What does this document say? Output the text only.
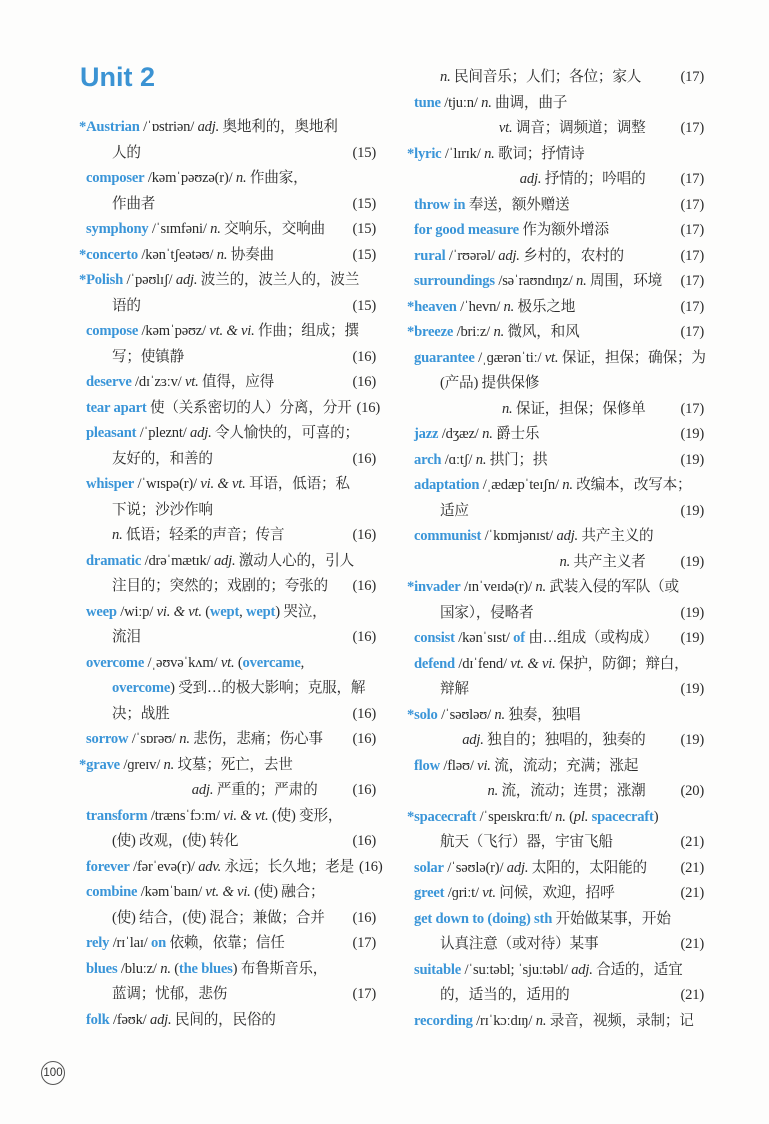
Unit 2
*Austrian /ˈɒstriən/ adj. 奥地利的，奥地利
人的	(15)
composer /kəmˈpəʊzə(r)/ n. 作曲家，
作曲者	(15)
symphony /ˈsɪmfəni/ n. 交响乐，交响曲	(15)
*concerto /kənˈtʃeətəʊ/ n. 协奏曲	(15)
*Polish /ˈpəʊlɪʃ/ adj. 波兰的，波兰人的，波兰
语的	(15)
compose /kəmˈpəʊz/ vt. & vi. 作曲；组成；撰
写；使镇静	(16)
deserve /dɪˈzɜːv/ vt. 值得，应得	(16)
tear apart 使（关系密切的人）分离，分开 (16)
pleasant /ˈpleznt/ adj. 令人愉快的，可喜的；
友好的，和善的	(16)
whisper /ˈwɪspə(r)/ vi. & vt. 耳语，低语；私
下说；沙沙作响
n. 低语；轻柔的声音；传言	(16)
dramatic /drəˈmætɪk/ adj. 激动人心的，引人
注目的；突然的；戏剧的；夸张的	(16)
weep /wiːp/ vi. & vt. (wept, wept) 哭泣，
流泪	(16)
overcome /ˌəʊvəˈkʌm/ vt. (overcame,
overcome) 受到…的极大影响；克服，解
决；战胜	(16)
sorrow /ˈsɒrəʊ/ n. 悲伤，悲痛；伤心事	(16)
*grave /ɡreɪv/ n. 坟墓；死亡，去世
adj. 严重的；严肃的	(16)
transform /trænsˈfɔːm/ vi. & vt. (使) 变形，
(使) 改观，(使) 转化	(16)
forever /fərˈevə(r)/ adv. 永远；长久地；老是 (16)
combine /kəmˈbaɪn/ vt. & vi. (使) 融合；
(使) 结合，(使) 混合；兼做；合并	(16)
rely /rɪˈlaɪ/ on 依赖，依靠；信任	(17)
blues /bluːz/ n. (the blues) 布鲁斯音乐，
蓝调；忧郁，悲伤	(17)
folk /fəʊk/ adj. 民间的，民俗的
n. 民间音乐；人们；各位；家人	(17)
tune /tjuːn/ n. 曲调，曲子
vt. 调音；调频道；调整	(17)
*lyric /ˈlɪrɪk/ n. 歌词；抒情诗
adj. 抒情的；吟唱的	(17)
throw in 奉送，额外赠送	(17)
for good measure 作为额外增添	(17)
rural /ˈrʊərəl/ adj. 乡村的，农村的	(17)
surroundings /səˈraʊndɪŋz/ n. 周围，环境	(17)
*heaven /ˈhevn/ n. 极乐之地	(17)
*breeze /briːz/ n. 微风，和风	(17)
guarantee /ˌɡærənˈtiː/ vt. 保证，担保；确保；为
(产品) 提供保修
n. 保证，担保；保修单	(17)
jazz /dʒæz/ n. 爵士乐	(19)
arch /ɑːtʃ/ n. 拱门；拱	(19)
adaptation /ˌædæpˈteɪʃn/ n. 改编本，改写本；
适应	(19)
communist /ˈkɒmjənɪst/ adj. 共产主义的
n. 共产主义者	(19)
*invader /ɪnˈveɪdə(r)/ n. 武装入侵的军队（或
国家），侵略者	(19)
consist /kənˈsɪst/ of 由…组成（或构成）	(19)
defend /dɪˈfend/ vt. & vi. 保护，防御；辩白，
辩解	(19)
*solo /ˈsəʊləʊ/ n. 独奏，独唱
adj. 独自的；独唱的，独奏的	(19)
flow /fləʊ/ vi. 流，流动；充满；涨起
n. 流，流动；连贯；涨潮	(20)
*spacecraft /ˈspeɪskrɑːft/ n. (pl. spacecraft)
航天（飞行）器，宇宙飞船	(21)
solar /ˈsəʊlə(r)/ adj. 太阳的，太阳能的	(21)
greet /ɡriːt/ vt. 问候，欢迎，招呼	(21)
get down to (doing) sth 开始做某事，开始
认真注意（或对待）某事	(21)
suitable /ˈsuːtəbl; ˈsjuːtəbl/ adj. 合适的，适宜
的，适当的，适用的	(21)
recording /rɪˈkɔːdɪŋ/ n. 录音，视频，录制；记
100
